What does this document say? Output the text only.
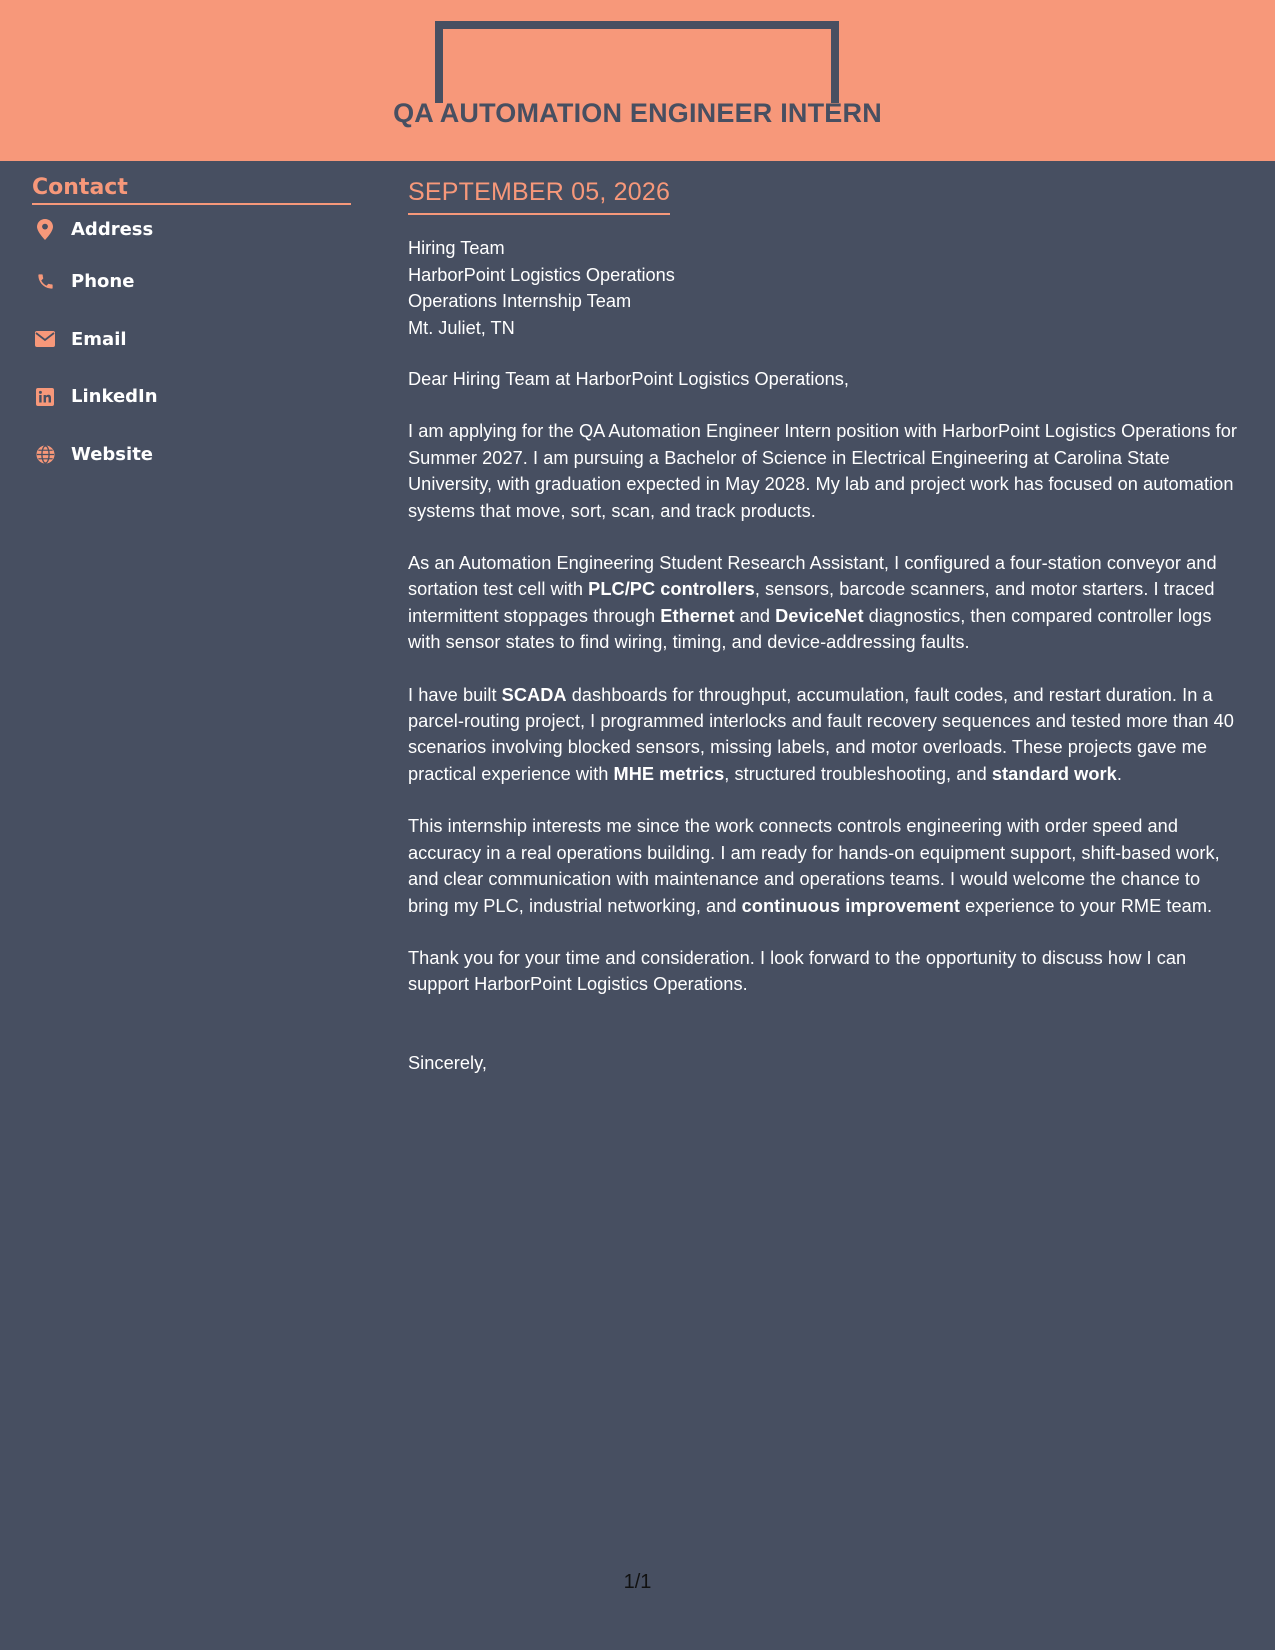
QA AUTOMATION ENGINEER INTERN
Contact
Address
Phone
Email
LinkedIn
Website
SEPTEMBER 05, 2026
Hiring Team
HarborPoint Logistics Operations
Operations Internship Team
Mt. Juliet, TN

Dear Hiring Team at HarborPoint Logistics Operations,

I am applying for the QA Automation Engineer Intern position with HarborPoint Logistics Operations for Summer 2027. I am pursuing a Bachelor of Science in Electrical Engineering at Carolina State University, with graduation expected in May 2028. My lab and project work has focused on automation systems that move, sort, scan, and track products.

As an Automation Engineering Student Research Assistant, I configured a four-station conveyor and sortation test cell with PLC/PC controllers, sensors, barcode scanners, and motor starters. I traced intermittent stoppages through Ethernet and DeviceNet diagnostics, then compared controller logs with sensor states to find wiring, timing, and device-addressing faults.

I have built SCADA dashboards for throughput, accumulation, fault codes, and restart duration. In a parcel-routing project, I programmed interlocks and fault recovery sequences and tested more than 40 scenarios involving blocked sensors, missing labels, and motor overloads. These projects gave me practical experience with MHE metrics, structured troubleshooting, and standard work.

This internship interests me since the work connects controls engineering with order speed and accuracy in a real operations building. I am ready for hands-on equipment support, shift-based work, and clear communication with maintenance and operations teams. I would welcome the chance to bring my PLC, industrial networking, and continuous improvement experience to your RME team.

Thank you for your time and consideration. I look forward to the opportunity to discuss how I can support HarborPoint Logistics Operations.

Sincerely,

1/1
